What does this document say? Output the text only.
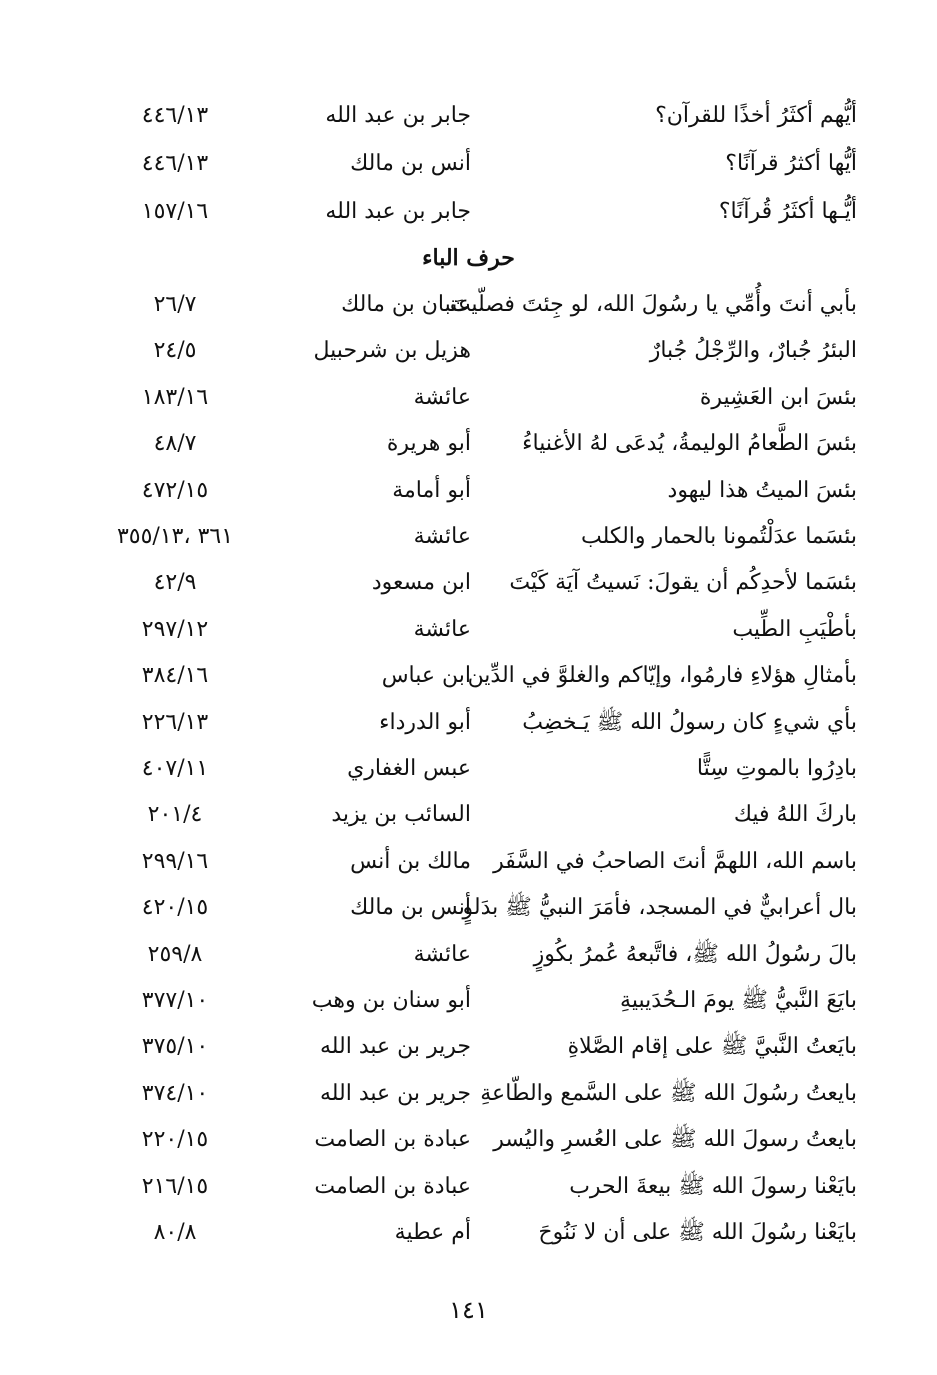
أيُّهم أكثَرُ أخذًا للقرآن؟
جابر بن عبد الله
٤٤٦/١٣
أيُّها أكثرُ قرآنًا؟
أنس بن مالك
٤٤٦/١٣
أيُّـها أكثَرُ قُرآنًا؟
جابر بن عبد الله
١٥٧/١٦
بأبي أنتَ وأُمِّي يا رسُولَ الله، لو جِئتَ فصلّيتَ
عتبان بن مالك
٢٦/٧
البئرُ جُبارٌ، والرِّجْلُ جُبارٌ
هزيل بن شرحبيل
٢٤/٥
بئسَ ابن العَشِيرة
عائشة
١٨٣/١٦
بئسَ الطَّعامُ الوليمةُ، يُدعَى لهُ الأغنياءُ
أبو هريرة
٤٨/٧
بئسَ الميتُ هذا ليهود
أبو أمامة
٤٧٢/١٥
بئسَما عدَلْتُمونا بالحمار والكلب
عائشة
٣٦١ ،٣٥٥/١٣
بئسَما لأحدِكُم أن يقولَ: نَسيتُ آيَة كَيْتَ
ابن مسعود
٤٢/٩
بأطْيَبِ الطِّيب
عائشة
٢٩٧/١٢
بأمثالِ هؤلاءِ فارمُوا، وإيّاكم والغلوَّ في الدِّين
ابن عباس
٣٨٤/١٦
بأي شيءٍ كان رسولُ الله ﷺ يَـخضِبُ
أبو الدرداء
٢٢٦/١٣
بادِرُوا بالموتِ سِتًّا
عبس الغفاري
٤٠٧/١١
باركَ اللهُ فيك
السائب بن يزيد
٢٠١/٤
باسم الله، اللهمَّ أنتَ الصاحبُ في السَّفَر
مالك بن أنس
٢٩٩/١٦
بال أعرابيٌّ في المسجد، فأمَرَ النبيُّ ﷺ بدَلوٍ
أنس بن مالك
٤٢٠/١٥
بالَ رسُولُ الله ﷺ، فاتَّبعهُ عُمرُ بكُوزٍ
عائشة
٢٥٩/٨
بايَعَ النَّبيُّ ﷺ يومَ الـحُدَيبيةِ
أبو سنان بن وهب
٣٧٧/١٠
بايَعتُ النَّبيَّ ﷺ على إقام الصَّلاةِ
جرير بن عبد الله
٣٧٥/١٠
بايعتُ رسُولَ الله ﷺ على السَّمع والطّاعةِ
جرير بن عبد الله
٣٧٤/١٠
بايعتُ رسولَ الله ﷺ على العُسرِ واليُسر
عبادة بن الصامت
٢٢٠/١٥
بايَعْنا رسولَ الله ﷺ بيعةَ الحرب
عبادة بن الصامت
٢١٦/١٥
بايَعْنا رسُولَ الله ﷺ على أن لا نَنُوحَ
أم عطية
٨٠/٨
حرف الباء
١٤١
